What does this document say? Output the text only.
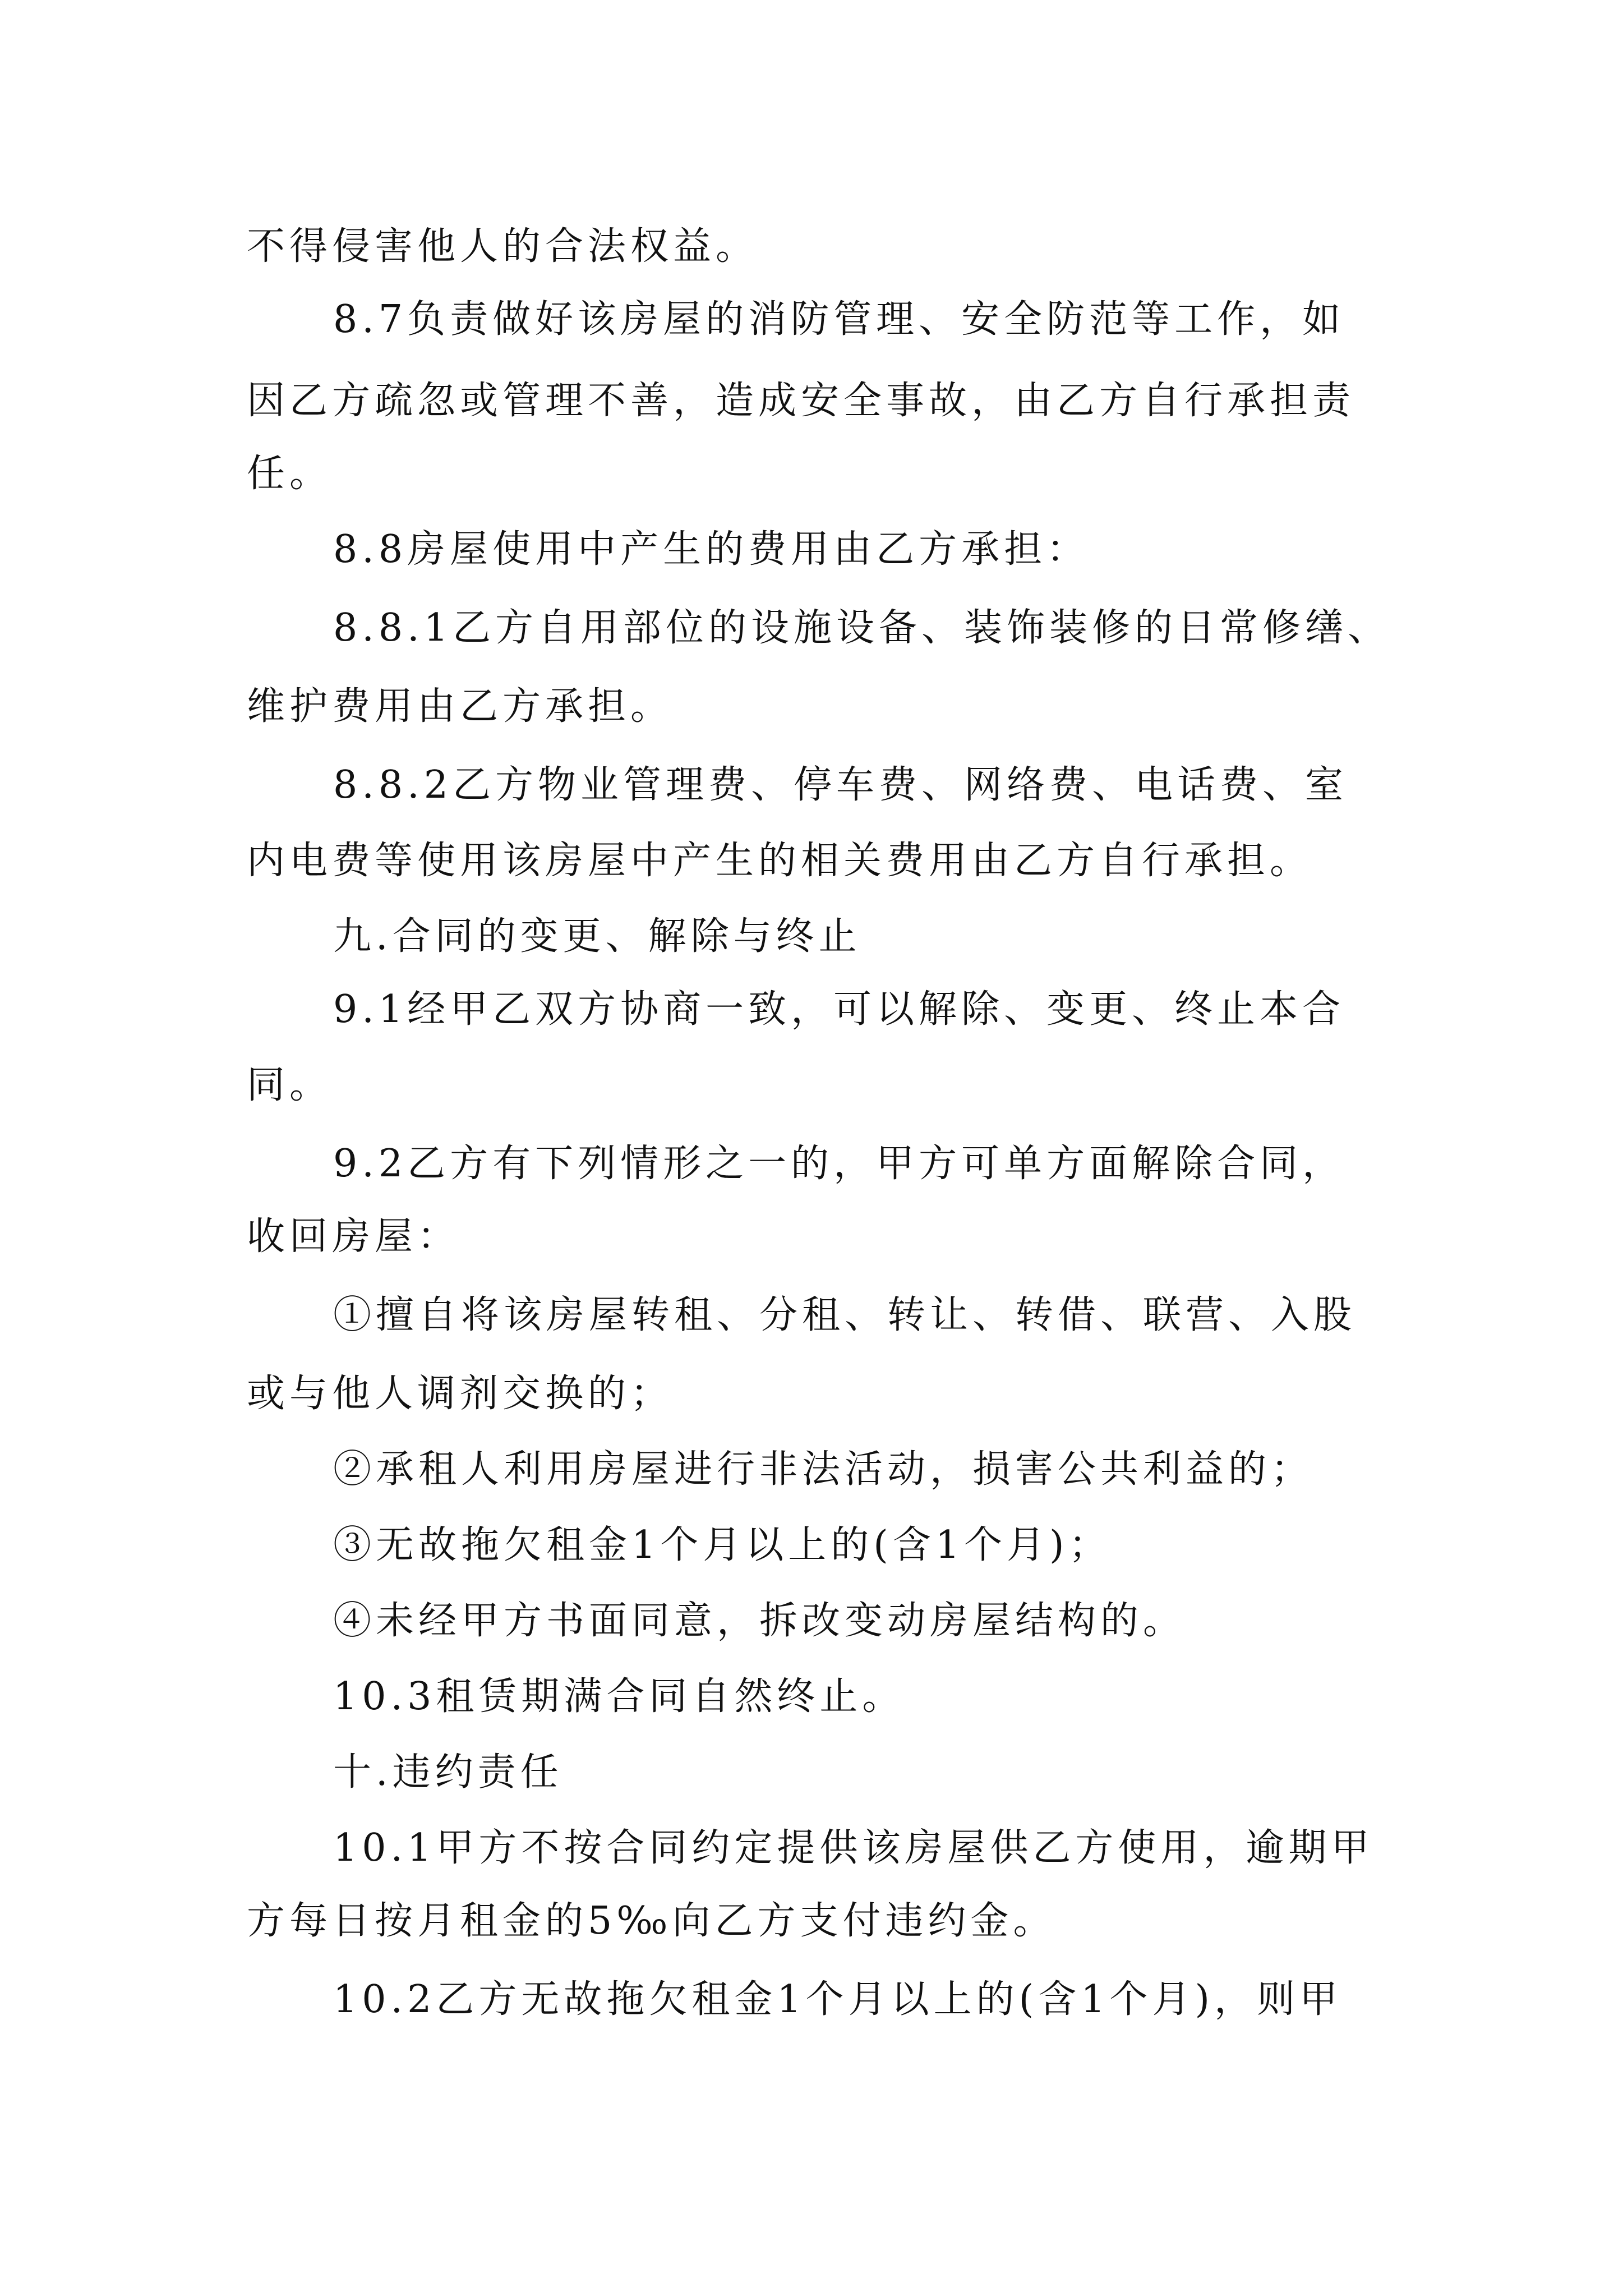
不得侵害他人的合法权益。
8.7负责做好该房屋的消防管理、安全防范等工作，如
因乙方疏忽或管理不善，造成安全事故，由乙方自行承担责
任。
8.8房屋使用中产生的费用由乙方承担：
8.8.1乙方自用部位的设施设备、装饰装修的日常修缮、
维护费用由乙方承担。
8.8.2乙方物业管理费、停车费、网络费、电话费、室
内电费等使用该房屋中产生的相关费用由乙方自行承担。
九.合同的变更、解除与终止
9.1经甲乙双方协商一致，可以解除、变更、终止本合
同。
9.2乙方有下列情形之一的，甲方可单方面解除合同，
收回房屋：
①擅自将该房屋转租、分租、转让、转借、联营、入股
或与他人调剂交换的；
②承租人利用房屋进行非法活动，损害公共利益的；
③无故拖欠租金1个月以上的(含1个月)；
④未经甲方书面同意，拆改变动房屋结构的。
10.3租赁期满合同自然终止。
十.违约责任
10.1甲方不按合同约定提供该房屋供乙方使用，逾期甲
方每日按月租金的5‰向乙方支付违约金。
10.2乙方无故拖欠租金1个月以上的(含1个月)，则甲
